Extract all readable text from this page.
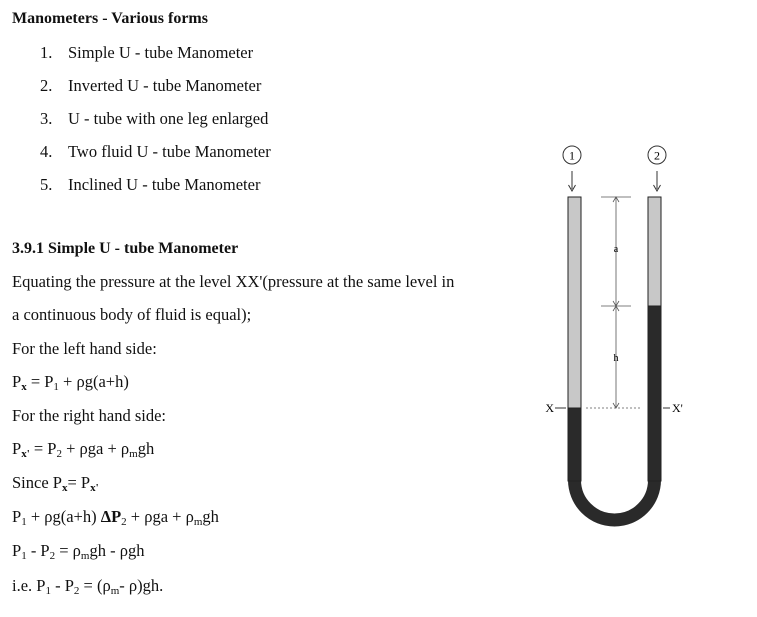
Manometers - Various forms
1. Simple U - tube Manometer
2. Inverted U - tube Manometer
3. U - tube with one leg enlarged
4. Two fluid U - tube Manometer
5. Inclined U - tube Manometer
3.9.1 Simple U - tube Manometer
Equating the pressure at the level XX'(pressure at the same level in
a continuous body of fluid is equal);
For the left hand side:
$P_x = P_1 + \rho g(a+h)$
For the right hand side:
$P_{x'} = P_2 + \rho ga + \rho_mgh$
Since $P_x= P_{x'}$
$P_1 + \rho g(a+h) \Delta P_2 + \rho ga + \rho_mgh$
$P_1 - P_2 = \rho_mgh - \rho gh$
i.e. $P_1 - P_2 = (\rho_m-$ ρ)gh.
1	2
a
h
X	X'
